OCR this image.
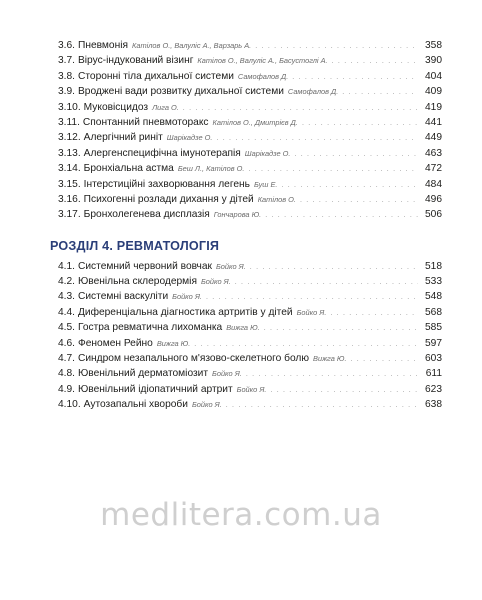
3.6. Пневмонія Катілов О., Валуліс А., Варзарь А. . . .	358
3.7. Вірус-індукований візинг Катілов О., Валуліс А., Басустоглі А. . . .	390
3.8. Сторонні тіла дихальної системи Самофалов Д. . . .	404
3.9. Вроджені вади розвитку дихальної системи Самофалов Д. . . .	409
3.10. Муковісцидоз Лига О. . . .	419
3.11. Спонтанний пневмоторакс Катілов О., Дмитрієв Д. . . .	441
3.12. Алергічний риніт Шарікадзе О. . . .	449
3.13. Алергенспецифічна імунотерапія Шарікадзе О. . . .	463
3.14. Бронхіальна астма Беш Л., Катілов О. . . .	472
3.15. Інтерстиційні захворювання легень Буш Е. . . .	484
3.16. Психогенні розлади дихання у дітей Катілов О. . . .	496
3.17. Бронхолегенева дисплазія Гончарова Ю. . . .	506
РОЗДІЛ 4. РЕВМАТОЛОГІЯ
4.1. Системний червоний вовчак Бойко Я. . . .	518
4.2. Ювенільна склеродермія Бойко Я. . . .	533
4.3. Системні васкуліти Бойко Я. . . .	548
4.4. Диференціальна діагностика артритів у дітей Бойко Я. . . .	568
4.5. Гостра ревматична лихоманка Вижга Ю. . . .	585
4.6. Феномен Рейно Вижга Ю. . . .	597
4.7. Синдром незапального м'язово-скелетного болю Вижга Ю. . . .	603
4.8. Ювенільний дерматоміозит Бойко Я. . . .	611
4.9. Ювенільний ідіопатичний артрит Бойко Я. . . .	623
4.10. Аутозапальні хвороби Бойко Я. . . .	638
medlitera.com.ua
